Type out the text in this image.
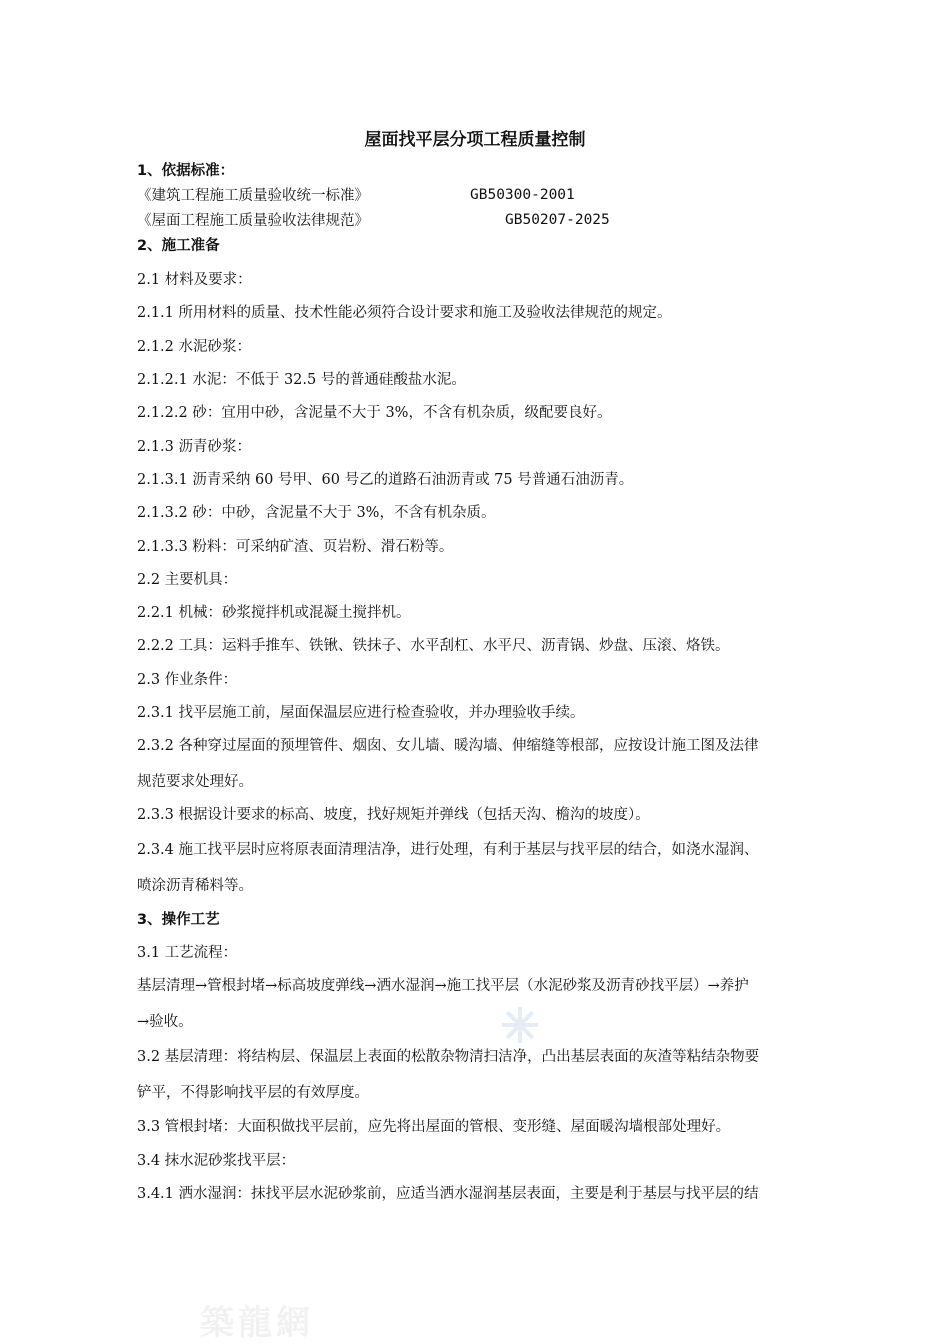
屋面找平层分项工程质量控制
1、依据标准：
《建筑工程施工质量验收统一标准》	GB50300-2001
《屋面工程施工质量验收法律规范》	GB50207-2025
2、施工准备
2.1 材料及要求：
2.1.1 所用材料的质量、技术性能必须符合设计要求和施工及验收法律规范的规定。
2.1.2 水泥砂浆：
2.1.2.1 水泥：不低于 32.5 号的普通硅酸盐水泥。
2.1.2.2 砂：宜用中砂，含泥量不大于 3%，不含有机杂质，级配要良好。
2.1.3 沥青砂浆：
2.1.3.1 沥青采纳 60 号甲、60 号乙的道路石油沥青或 75 号普通石油沥青。
2.1.3.2 砂：中砂，含泥量不大于 3%，不含有机杂质。
2.1.3.3 粉料：可采纳矿渣、页岩粉、滑石粉等。
2.2 主要机具：
2.2.1 机械：砂浆搅拌机或混凝土搅拌机。
2.2.2 工具：运料手推车、铁锹、铁抹子、水平刮杠、水平尺、沥青锅、炒盘、压滚、烙铁。
2.3 作业条件：
2.3.1 找平层施工前，屋面保温层应进行检查验收，并办理验收手续。
2.3.2 各种穿过屋面的预埋管件、烟囱、女儿墙、暖沟墙、伸缩缝等根部，应按设计施工图及法律
规范要求处理好。
2.3.3 根据设计要求的标高、坡度，找好规矩并弹线（包括天沟、檐沟的坡度）。
2.3.4 施工找平层时应将原表面清理洁净，进行处理，有利于基层与找平层的结合，如浇水湿润、
喷涂沥青稀料等。
3、操作工艺
3.1 工艺流程：
基层清理→管根封堵→标高坡度弹线→洒水湿润→施工找平层（水泥砂浆及沥青砂找平层）→养护
→验收。
3.2 基层清理：将结构层、保温层上表面的松散杂物清扫洁净，凸出基层表面的灰渣等粘结杂物要
铲平，不得影响找平层的有效厚度。
3.3 管根封堵：大面积做找平层前，应先将出屋面的管根、变形缝、屋面暖沟墙根部处理好。
3.4 抹水泥砂浆找平层：
3.4.1 洒水湿润：抹找平层水泥砂浆前，应适当洒水湿润基层表面，主要是利于基层与找平层的结
築龍網
